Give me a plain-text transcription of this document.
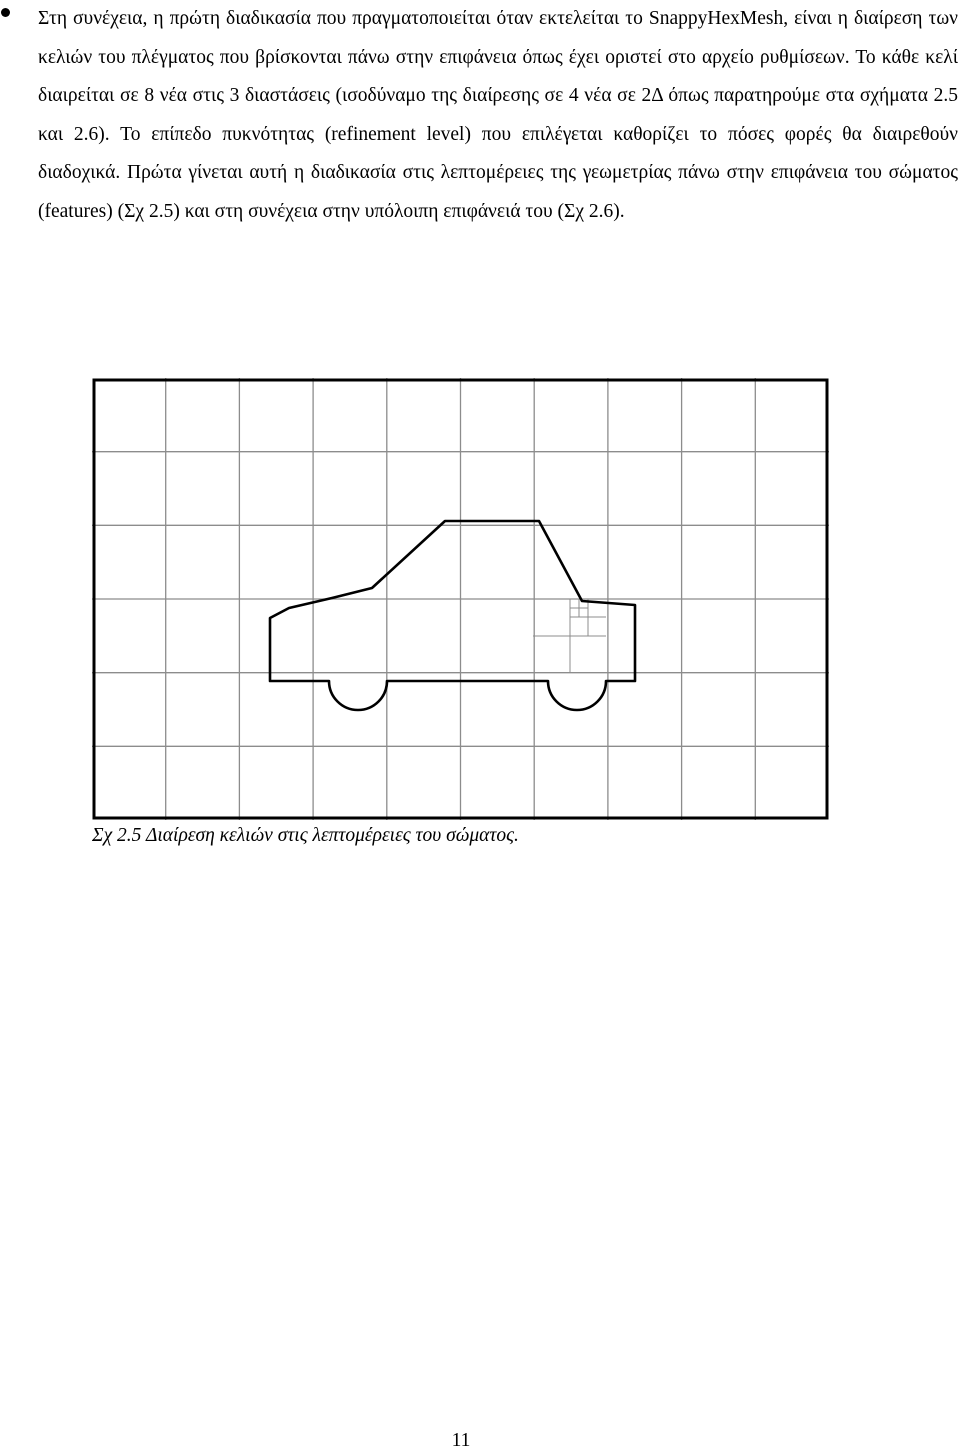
Στη συνέχεια, η πρώτη διαδικασία που πραγματοποιείται όταν εκτελείται το SnappyHexMesh, είναι η διαίρεση των κελιών του πλέγματος που βρίσκονται πάνω στην επιφάνεια όπως έχει οριστεί στο αρχείο ρυθμίσεων. Το κάθε κελί διαιρείται σε 8 νέα στις 3 διαστάσεις (ισοδύναμο της διαίρεσης σε 4 νέα σε 2Δ όπως παρατηρούμε στα σχήματα 2.5 και 2.6). Το επίπεδο πυκνότητας (refinement level) που επιλέγεται καθορίζει το πόσες φορές θα διαιρεθούν διαδοχικά. Πρώτα γίνεται αυτή η διαδικασία στις λεπτομέρειες της γεωμετρίας πάνω στην επιφάνεια του σώματος (features) (Σχ 2.5) και στη συνέχεια στην υπόλοιπη επιφάνειά του (Σχ 2.6).

Σχ 2.5 Διαίρεση κελιών στις λεπτομέρειες του σώματος.
11
